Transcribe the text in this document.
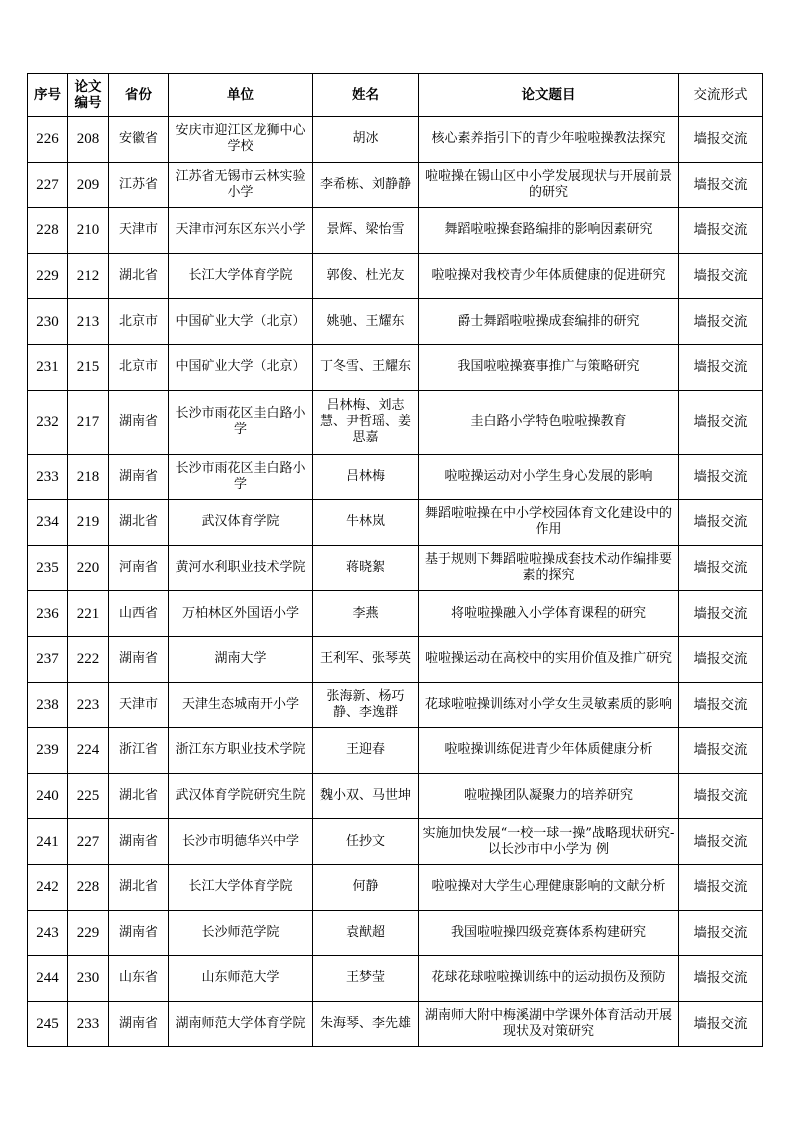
序号	论文编号	省份	单位	姓名	论文题目	交流形式
226	208	安徽省	安庆市迎江区龙狮中心学校	胡冰	核心素养指引下的青少年啦啦操教法探究	墙报交流
227	209	江苏省	江苏省无锡市云林实验小学	李希栋、刘静静	啦啦操在锡山区中小学发展现状与开展前景的研究	墙报交流
228	210	天津市	天津市河东区东兴小学	景辉、梁怡雪	舞蹈啦啦操套路编排的影响因素研究	墙报交流
229	212	湖北省	长江大学体育学院	郭俊、杜光友	啦啦操对我校青少年体质健康的促进研究	墙报交流
230	213	北京市	中国矿业大学（北京）	姚驰、王耀东	爵士舞蹈啦啦操成套编排的研究	墙报交流
231	215	北京市	中国矿业大学（北京）	丁冬雪、王耀东	我国啦啦操赛事推广与策略研究	墙报交流
232	217	湖南省	长沙市雨花区圭白路小学	吕林梅、刘志慧、尹哲瑶、姜思嘉	圭白路小学特色啦啦操教育	墙报交流
233	218	湖南省	长沙市雨花区圭白路小学	吕林梅	啦啦操运动对小学生身心发展的影响	墙报交流
234	219	湖北省	武汉体育学院	牛林岚	舞蹈啦啦操在中小学校园体育文化建设中的作用	墙报交流
235	220	河南省	黄河水利职业技术学院	蒋晓絮	基于规则下舞蹈啦啦操成套技术动作编排要素的探究	墙报交流
236	221	山西省	万柏林区外国语小学	李燕	将啦啦操融入小学体育课程的研究	墙报交流
237	222	湖南省	湖南大学	王利军、张琴英	啦啦操运动在高校中的实用价值及推广研究	墙报交流
238	223	天津市	天津生态城南开小学	张海新、杨巧静、李逸群	花球啦啦操训练对小学女生灵敏素质的影响	墙报交流
239	224	浙江省	浙江东方职业技术学院	王迎春	啦啦操训练促进青少年体质健康分析	墙报交流
240	225	湖北省	武汉体育学院研究生院	魏小双、马世坤	啦啦操团队凝聚力的培养研究	墙报交流
241	227	湖南省	长沙市明德华兴中学	任抄文	实施加快发展“一校一球一操”战略现状研究-以长沙市中小学为 例	墙报交流
242	228	湖北省	长江大学体育学院	何静	啦啦操对大学生心理健康影响的文献分析	墙报交流
243	229	湖南省	长沙师范学院	袁猷超	我国啦啦操四级竞赛体系构建研究	墙报交流
244	230	山东省	山东师范大学	王梦莹	花球花球啦啦操训练中的运动损伤及预防	墙报交流
245	233	湖南省	湖南师范大学体育学院	朱海琴、李先雄	湖南师大附中梅溪湖中学课外体育活动开展现状及对策研究	墙报交流
